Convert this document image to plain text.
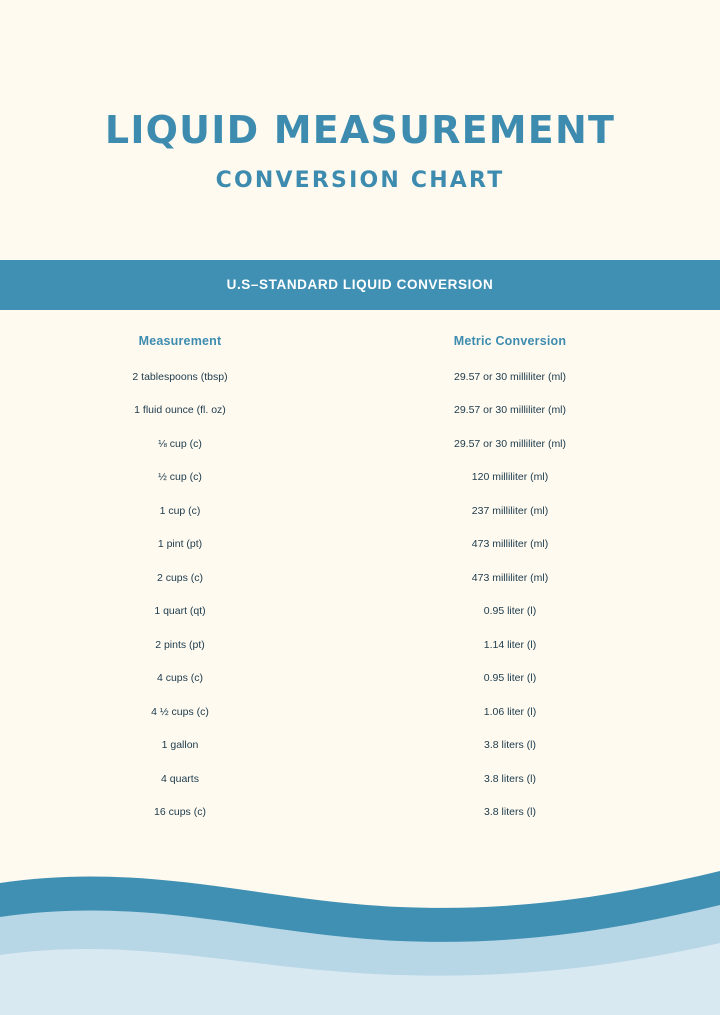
LIQUID MEASUREMENT
CONVERSION CHART
U.S–STANDARD LIQUID CONVERSION
Measurement	Metric Conversion
2 tablespoons (tbsp)	29.57 or 30 milliliter (ml)
1 fluid ounce (fl. oz)	29.57 or 30 milliliter (ml)
⅛ cup (c)	29.57 or 30 milliliter (ml)
½ cup (c)	120 milliliter (ml)
1 cup (c)	237 milliliter (ml)
1 pint (pt)	473 milliliter (ml)
2 cups (c)	473 milliliter (ml)
1 quart (qt)	0.95 liter (l)
2 pints (pt)	1.14 liter (l)
4 cups (c)	0.95 liter (l)
4 ½ cups (c)	1.06 liter (l)
1 gallon	3.8 liters (l)
4 quarts	3.8 liters (l)
16 cups (c)	3.8 liters (l)
